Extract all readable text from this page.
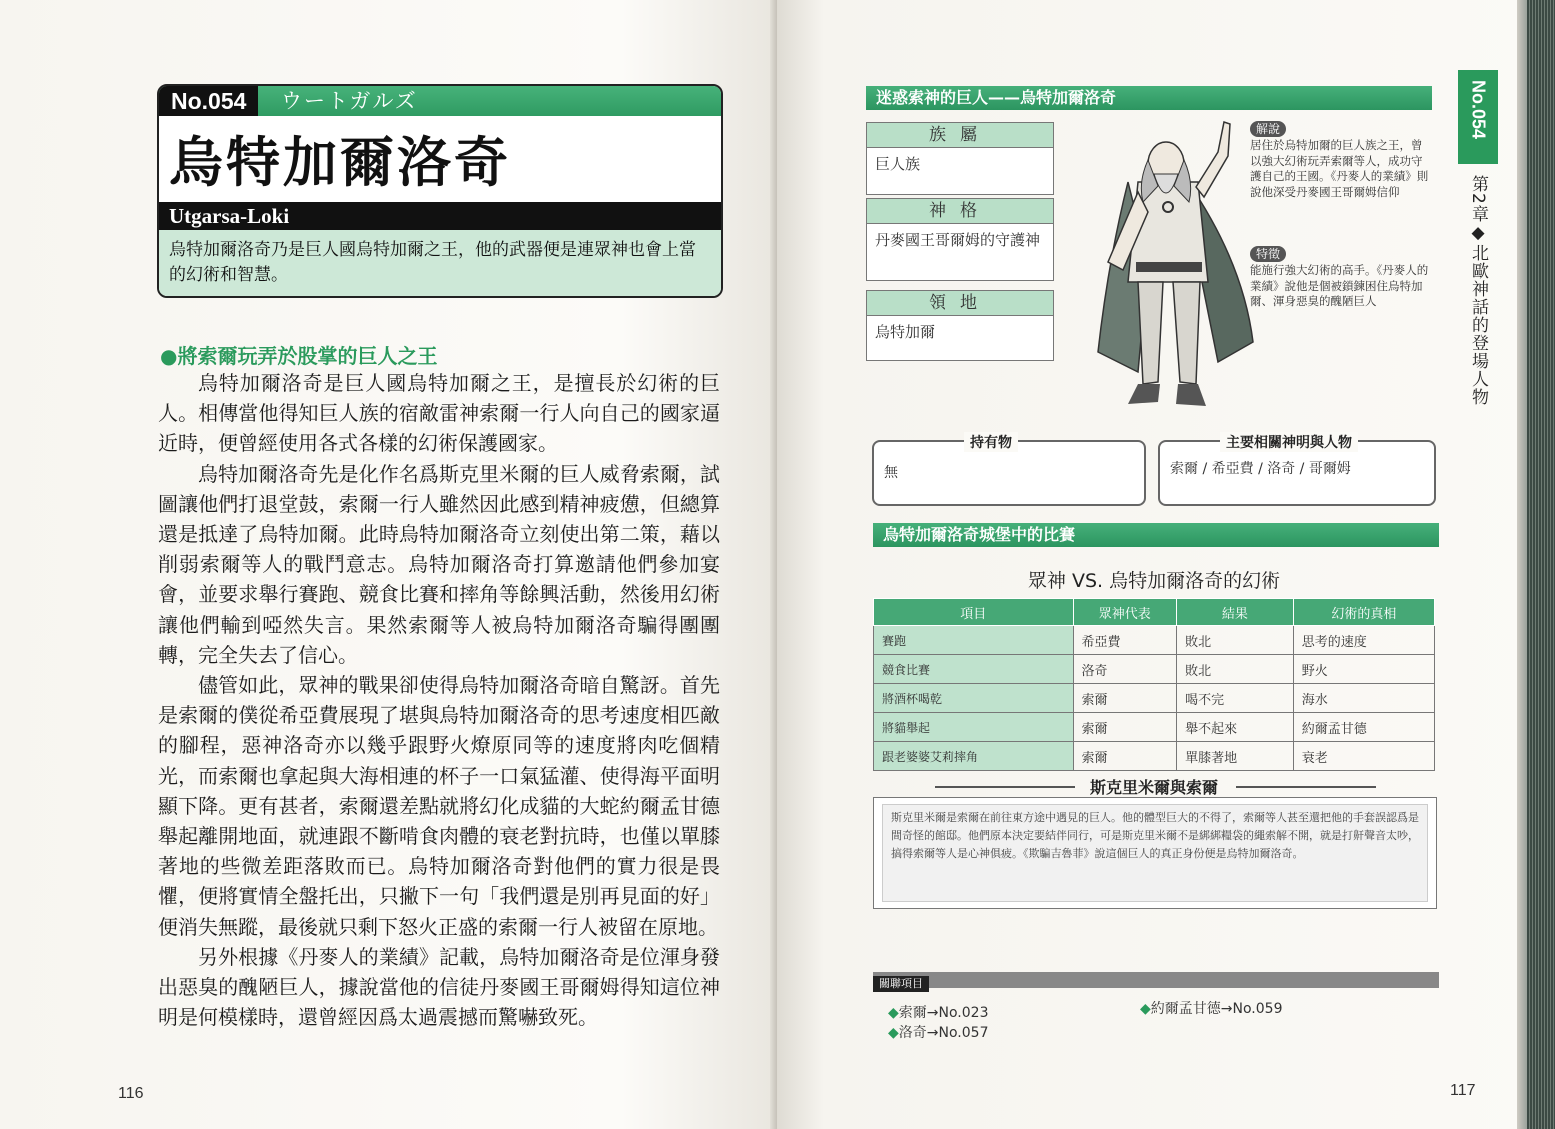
No.054	ウートガルズ
烏特加爾洛奇
Utgarsa-Loki
烏特加爾洛奇乃是巨人國烏特加爾之王，他的武器便是連眾神也會上當的幻術和智慧。
●將索爾玩弄於股掌的巨人之王

烏特加爾洛奇是巨人國烏特加爾之王，是擅長於幻術的巨人。相傳當他得知巨人族的宿敵雷神索爾一行人向自己的國家逼近時，便曾經使用各式各樣的幻術保護國家。

烏特加爾洛奇先是化作名爲斯克里米爾的巨人威脅索爾，試圖讓他們打退堂鼓，索爾一行人雖然因此感到精神疲憊，但總算還是抵達了烏特加爾。此時烏特加爾洛奇立刻使出第二策，藉以削弱索爾等人的戰鬥意志。烏特加爾洛奇打算邀請他們參加宴會，並要求舉行賽跑、競食比賽和摔角等餘興活動，然後用幻術讓他們輸到啞然失言。果然索爾等人被烏特加爾洛奇騙得團團轉，完全失去了信心。

儘管如此，眾神的戰果卻使得烏特加爾洛奇暗自驚訝。首先是索爾的僕從希亞費展現了堪與烏特加爾洛奇的思考速度相匹敵的腳程，惡神洛奇亦以幾乎跟野火燎原同等的速度將肉吃個精光，而索爾也拿起與大海相連的杯子一口氣猛灌、使得海平面明顯下降。更有甚者，索爾還差點就將幻化成貓的大蛇約爾孟甘德舉起離開地面，就連跟不斷啃食肉體的衰老對抗時，也僅以單膝著地的些微差距落敗而已。烏特加爾洛奇對他們的實力很是畏懼，便將實情全盤托出，只撇下一句「我們還是別再見面的好」便消失無蹤，最後就只剩下怒火正盛的索爾一行人被留在原地。

另外根據《丹麥人的業績》記載，烏特加爾洛奇是位渾身發出惡臭的醜陋巨人，據說當他的信徒丹麥國王哥爾姆得知這位神明是何模樣時，還曾經因爲太過震撼而驚嚇致死。

116
迷惑索神的巨人——烏特加爾洛奇
族屬
巨人族
神格
丹麥國王哥爾姆的守護神
領地
烏特加爾
解說
居住於烏特加爾的巨人族之王，曾以強大幻術玩弄索爾等人，成功守護自己的王國。《丹麥人的業績》則說他深受丹麥國王哥爾姆信仰
特徵
能施行強大幻術的高手。《丹麥人的業績》說他是個被鎖鍊困住烏特加爾、渾身惡臭的醜陋巨人
持有物
無
主要相關神明與人物
索爾 / 希亞費 / 洛奇 / 哥爾姆
烏特加爾洛奇城堡中的比賽
眾神 VS. 烏特加爾洛奇的幻術
項目	眾神代表	結果	幻術的真相
賽跑	希亞費	敗北	思考的速度
競食比賽	洛奇	敗北	野火
將酒杯喝乾	索爾	喝不完	海水
將貓舉起	索爾	舉不起來	約爾孟甘德
跟老婆婆艾莉摔角	索爾	單膝著地	衰老
斯克里米爾與索爾
斯克里米爾是索爾在前往東方途中遇見的巨人。他的體型巨大的不得了，索爾等人甚至還把他的手套誤認爲是間奇怪的館邸。他們原本決定要結伴同行，可是斯克里米爾不是綁綁糧袋的繩索解不開，就是打鼾聲音太吵，搞得索爾等人是心神俱疲。《欺騙吉魯菲》說這個巨人的真正身份便是烏特加爾洛奇。
關聯項目
◆索爾→No.023
◆洛奇→No.057
◆約爾孟甘德→No.059
No.054
第2章◆北歐神話的登場人物
117
